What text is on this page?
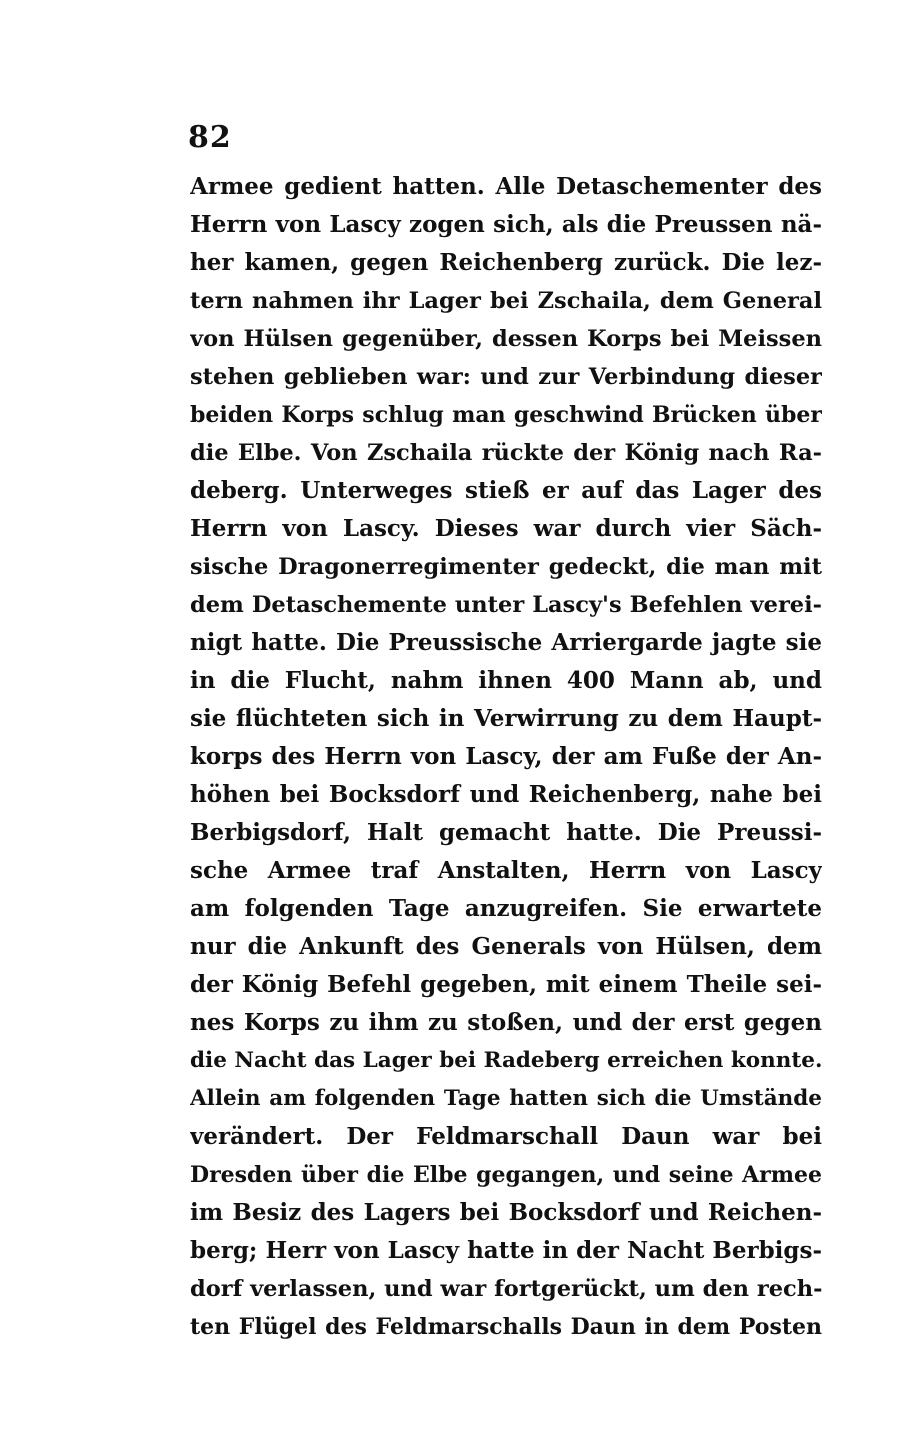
82
Armee gedient hatten. Alle Detaschementer des
Herrn von Lascy zogen sich, als die Preussen nä-
her kamen, gegen Reichenberg zurück. Die lez-
tern nahmen ihr Lager bei Zschaila, dem General
von Hülsen gegenüber, dessen Korps bei Meissen
stehen geblieben war: und zur Verbindung dieser
beiden Korps schlug man geschwind Brücken über
die Elbe. Von Zschaila rückte der König nach Ra-
deberg. Unterweges stieß er auf das Lager des
Herrn von Lascy. Dieses war durch vier Säch-
sische Dragonerregimenter gedeckt, die man mit
dem Detaschemente unter Lascy's Befehlen verei-
nigt hatte. Die Preussische Arriergarde jagte sie
in die Flucht, nahm ihnen 400 Mann ab, und
sie flüchteten sich in Verwirrung zu dem Haupt-
korps des Herrn von Lascy, der am Fuße der An-
höhen bei Bocksdorf und Reichenberg, nahe bei
Berbigsdorf, Halt gemacht hatte. Die Preussi-
sche Armee traf Anstalten, Herrn von Lascy
am folgenden Tage anzugreifen. Sie erwartete
nur die Ankunft des Generals von Hülsen, dem
der König Befehl gegeben, mit einem Theile sei-
nes Korps zu ihm zu stoßen, und der erst gegen
die Nacht das Lager bei Radeberg erreichen konnte.
Allein am folgenden Tage hatten sich die Umstände
verändert. Der Feldmarschall Daun war bei
Dresden über die Elbe gegangen, und seine Armee
im Besiz des Lagers bei Bocksdorf und Reichen-
berg; Herr von Lascy hatte in der Nacht Berbigs-
dorf verlassen, und war fortgerückt, um den rech-
ten Flügel des Feldmarschalls Daun in dem Posten
